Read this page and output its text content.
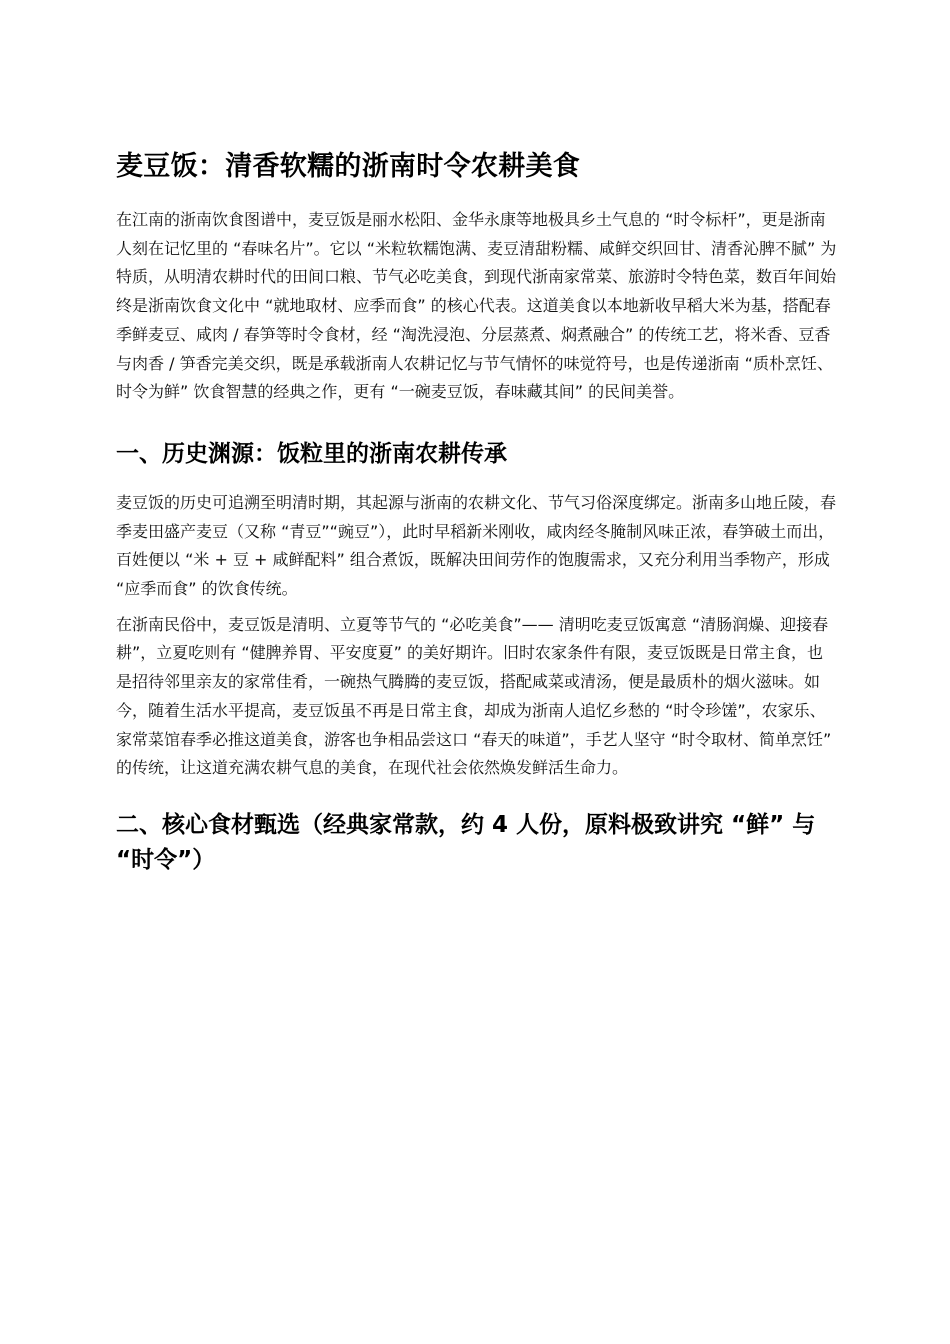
麦豆饭：清香软糯的浙南时令农耕美食

在江南的浙南饮食图谱中，麦豆饭是丽水松阳、金华永康等地极具乡土气息的 “时令标杆”，更是浙南人刻在记忆里的 “春味名片”。它以 “米粒软糯饱满、麦豆清甜粉糯、咸鲜交织回甘、清香沁脾不腻” 为特质，从明清农耕时代的田间口粮、节气必吃美食，到现代浙南家常菜、旅游时令特色菜，数百年间始终是浙南饮食文化中 “就地取材、应季而食” 的核心代表。这道美食以本地新收早稻大米为基，搭配春季鲜麦豆、咸肉 / 春笋等时令食材，经 “淘洗浸泡、分层蒸煮、焖煮融合” 的传统工艺，将米香、豆香与肉香 / 笋香完美交织，既是承载浙南人农耕记忆与节气情怀的味觉符号，也是传递浙南 “质朴烹饪、时令为鲜” 饮食智慧的经典之作，更有 “一碗麦豆饭，春味藏其间” 的民间美誉。

一、历史渊源：饭粒里的浙南农耕传承

麦豆饭的历史可追溯至明清时期，其起源与浙南的农耕文化、节气习俗深度绑定。浙南多山地丘陵，春季麦田盛产麦豆（又称 “青豆”“豌豆”），此时早稻新米刚收，咸肉经冬腌制风味正浓，春笋破土而出，百姓便以 “米 + 豆 + 咸鲜配料” 组合煮饭，既解决田间劳作的饱腹需求，又充分利用当季物产，形成 “应季而食” 的饮食传统。

在浙南民俗中，麦豆饭是清明、立夏等节气的 “必吃美食”—— 清明吃麦豆饭寓意 “清肠润燥、迎接春耕”，立夏吃则有 “健脾养胃、平安度夏” 的美好期许。旧时农家条件有限，麦豆饭既是日常主食，也是招待邻里亲友的家常佳肴，一碗热气腾腾的麦豆饭，搭配咸菜或清汤，便是最质朴的烟火滋味。如今，随着生活水平提高，麦豆饭虽不再是日常主食，却成为浙南人追忆乡愁的 “时令珍馐”，农家乐、家常菜馆春季必推这道美食，游客也争相品尝这口 “春天的味道”，手艺人坚守 “时令取材、简单烹饪” 的传统，让这道充满农耕气息的美食，在现代社会依然焕发鲜活生命力。

二、核心食材甄选（经典家常款，约 4 人份，原料极致讲究 “鲜” 与 “时令”）
